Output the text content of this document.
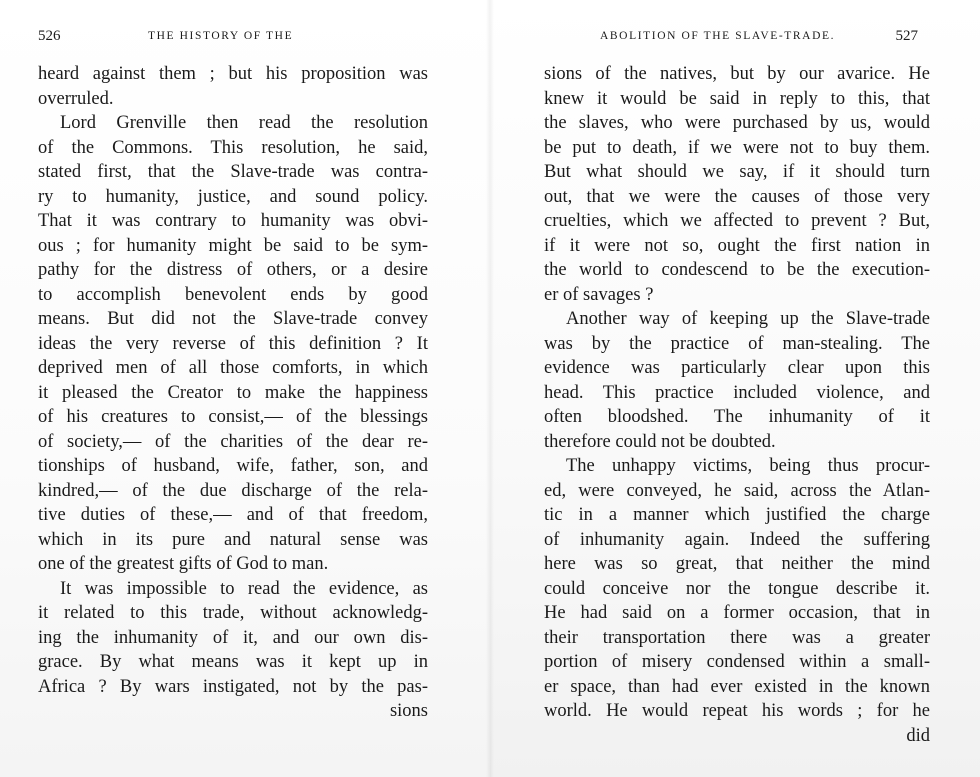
526	THE HISTORY OF THE
heard against them ; but his proposition was
overruled.
Lord Grenville then read the resolution
of the Commons. This resolution, he said,
stated first, that the Slave-trade was contra-
ry to humanity, justice, and sound policy.
That it was contrary to humanity was obvi-
ous ; for humanity might be said to be sym-
pathy for the distress of others, or a desire
to accomplish benevolent ends by good
means. But did not the Slave-trade convey
ideas the very reverse of this definition ? It
deprived men of all those comforts, in which
it pleased the Creator to make the happiness
of his creatures to consist,— of the blessings
of society,— of the charities of the dear re-
tionships of husband, wife, father, son, and
kindred,— of the due discharge of the rela-
tive duties of these,— and of that freedom,
which in its pure and natural sense was
one of the greatest gifts of God to man.
It was impossible to read the evidence, as
it related to this trade, without acknowledg-
ing the inhumanity of it, and our own dis-
grace. By what means was it kept up in
Africa ? By wars instigated, not by the pas-
sions
ABOLITION OF THE SLAVE-TRADE.	527
sions of the natives, but by our avarice. He
knew it would be said in reply to this, that
the slaves, who were purchased by us, would
be put to death, if we were not to buy them.
But what should we say, if it should turn
out, that we were the causes of those very
cruelties, which we affected to prevent ? But,
if it were not so, ought the first nation in
the world to condescend to be the execution-
er of savages ?
Another way of keeping up the Slave-trade
was by the practice of man-stealing. The
evidence was particularly clear upon this
head. This practice included violence, and
often bloodshed. The inhumanity of it
therefore could not be doubted.
The unhappy victims, being thus procur-
ed, were conveyed, he said, across the Atlan-
tic in a manner which justified the charge
of inhumanity again. Indeed the suffering
here was so great, that neither the mind
could conceive nor the tongue describe it.
He had said on a former occasion, that in
their transportation there was a greater
portion of misery condensed within a small-
er space, than had ever existed in the known
world. He would repeat his words ; for he
did
